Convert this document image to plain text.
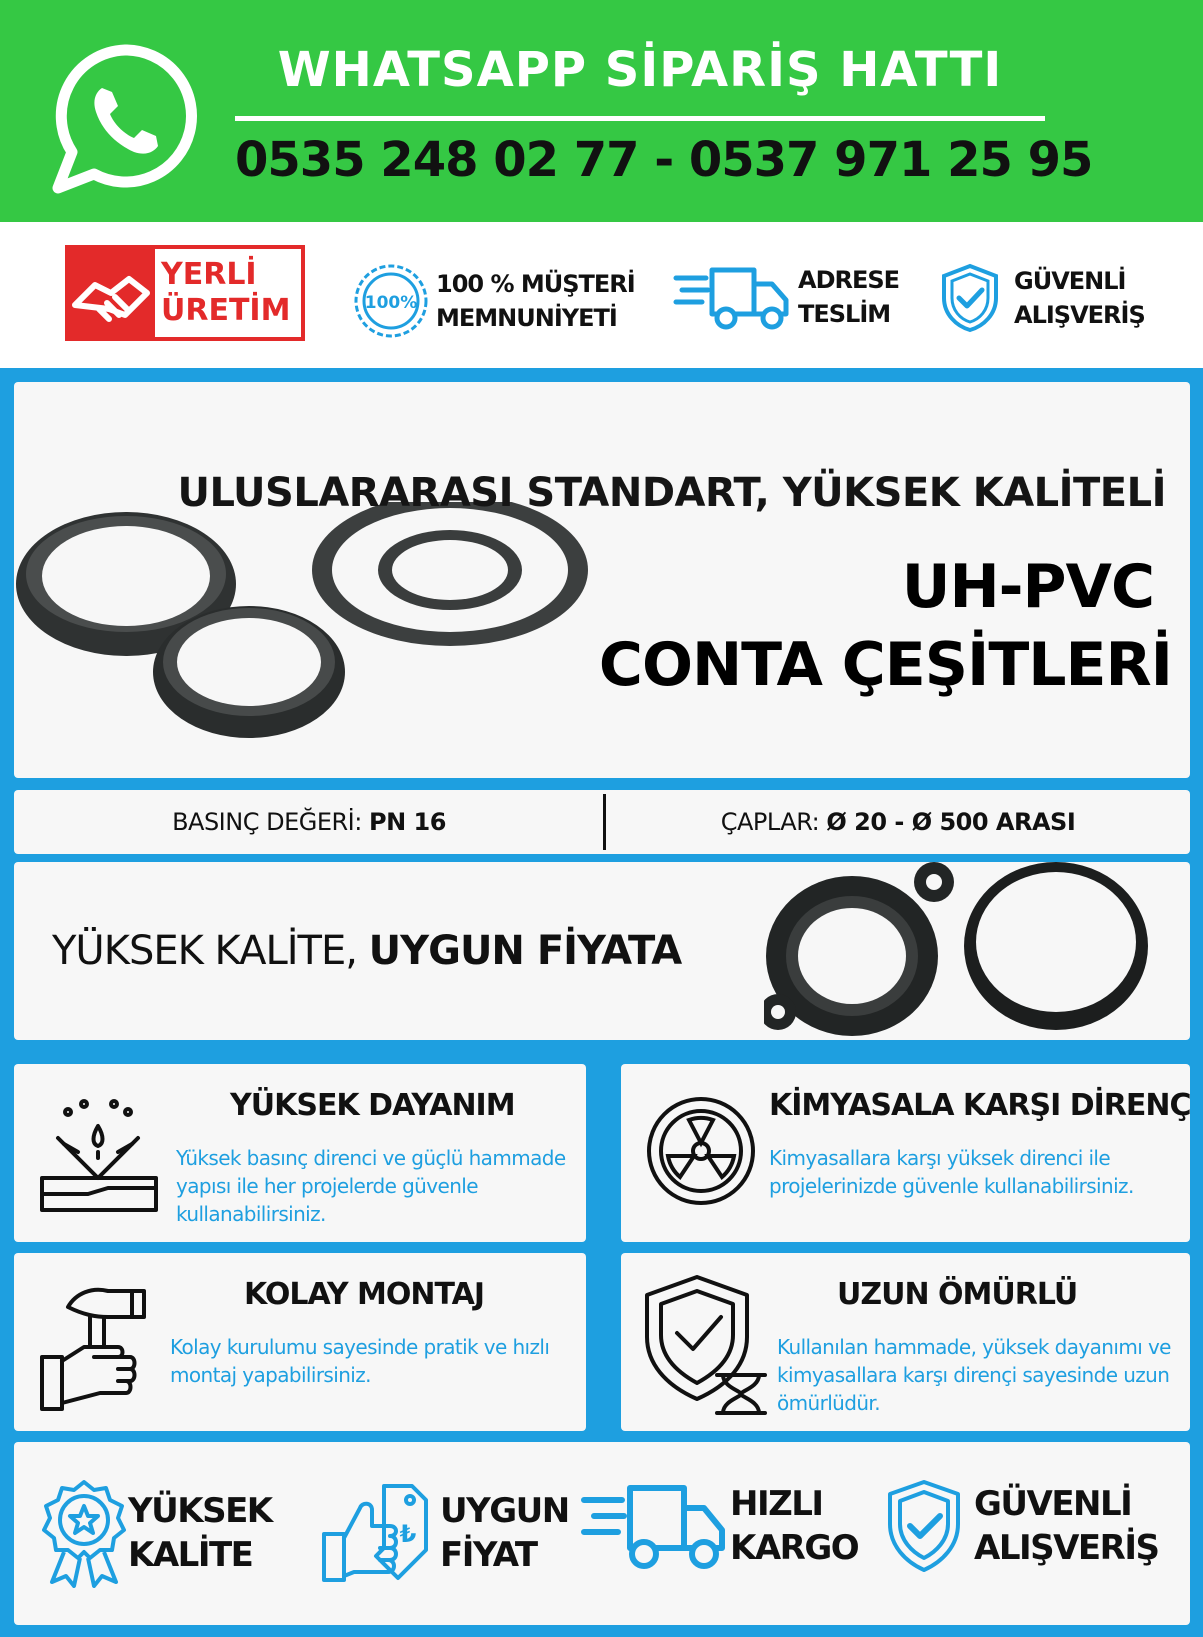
WHATSAPP SİPARİŞ HATTI
0535 248 02 77 - 0537 971 25 95
YERLİ
ÜRETİM	100%
100 % MÜŞTERİ
MEMNUNİYETİ
ADRESE
TESLİM
GÜVENLİ
ALIŞVERİŞ
ULUSLARARASI STANDART, YÜKSEK KALİTELİ
UH-PVC
CONTA ÇEŞİTLERİ
BASINÇ DEĞERİ: PN 16	ÇAPLAR: Ø 20 - Ø 500 ARASI
YÜKSEK KALİTE, UYGUN FİYATA
YÜKSEK DAYANIM
Yüksek basınç direnci ve güçlü hammade yapısı ile her projelerde güvenle kullanabilirsiniz.
KİMYASALA KARŞI DİRENÇ
Kimyasallara karşı yüksek direnci ile projelerinizde güvenle kullanabilirsiniz.
KOLAY MONTAJ
Kolay kurulumu sayesinde pratik ve hızlı montaj yapabilirsiniz.
UZUN ÖMÜRLÜ
Kullanılan hammade, yüksek dayanımı ve kimyasallara karşı dirençi sayesinde uzun ömürlüdür.
YÜKSEK
KALİTE
₺
UYGUN
FİYAT
HIZLI
KARGO
GÜVENLİ
ALIŞVERİŞ
